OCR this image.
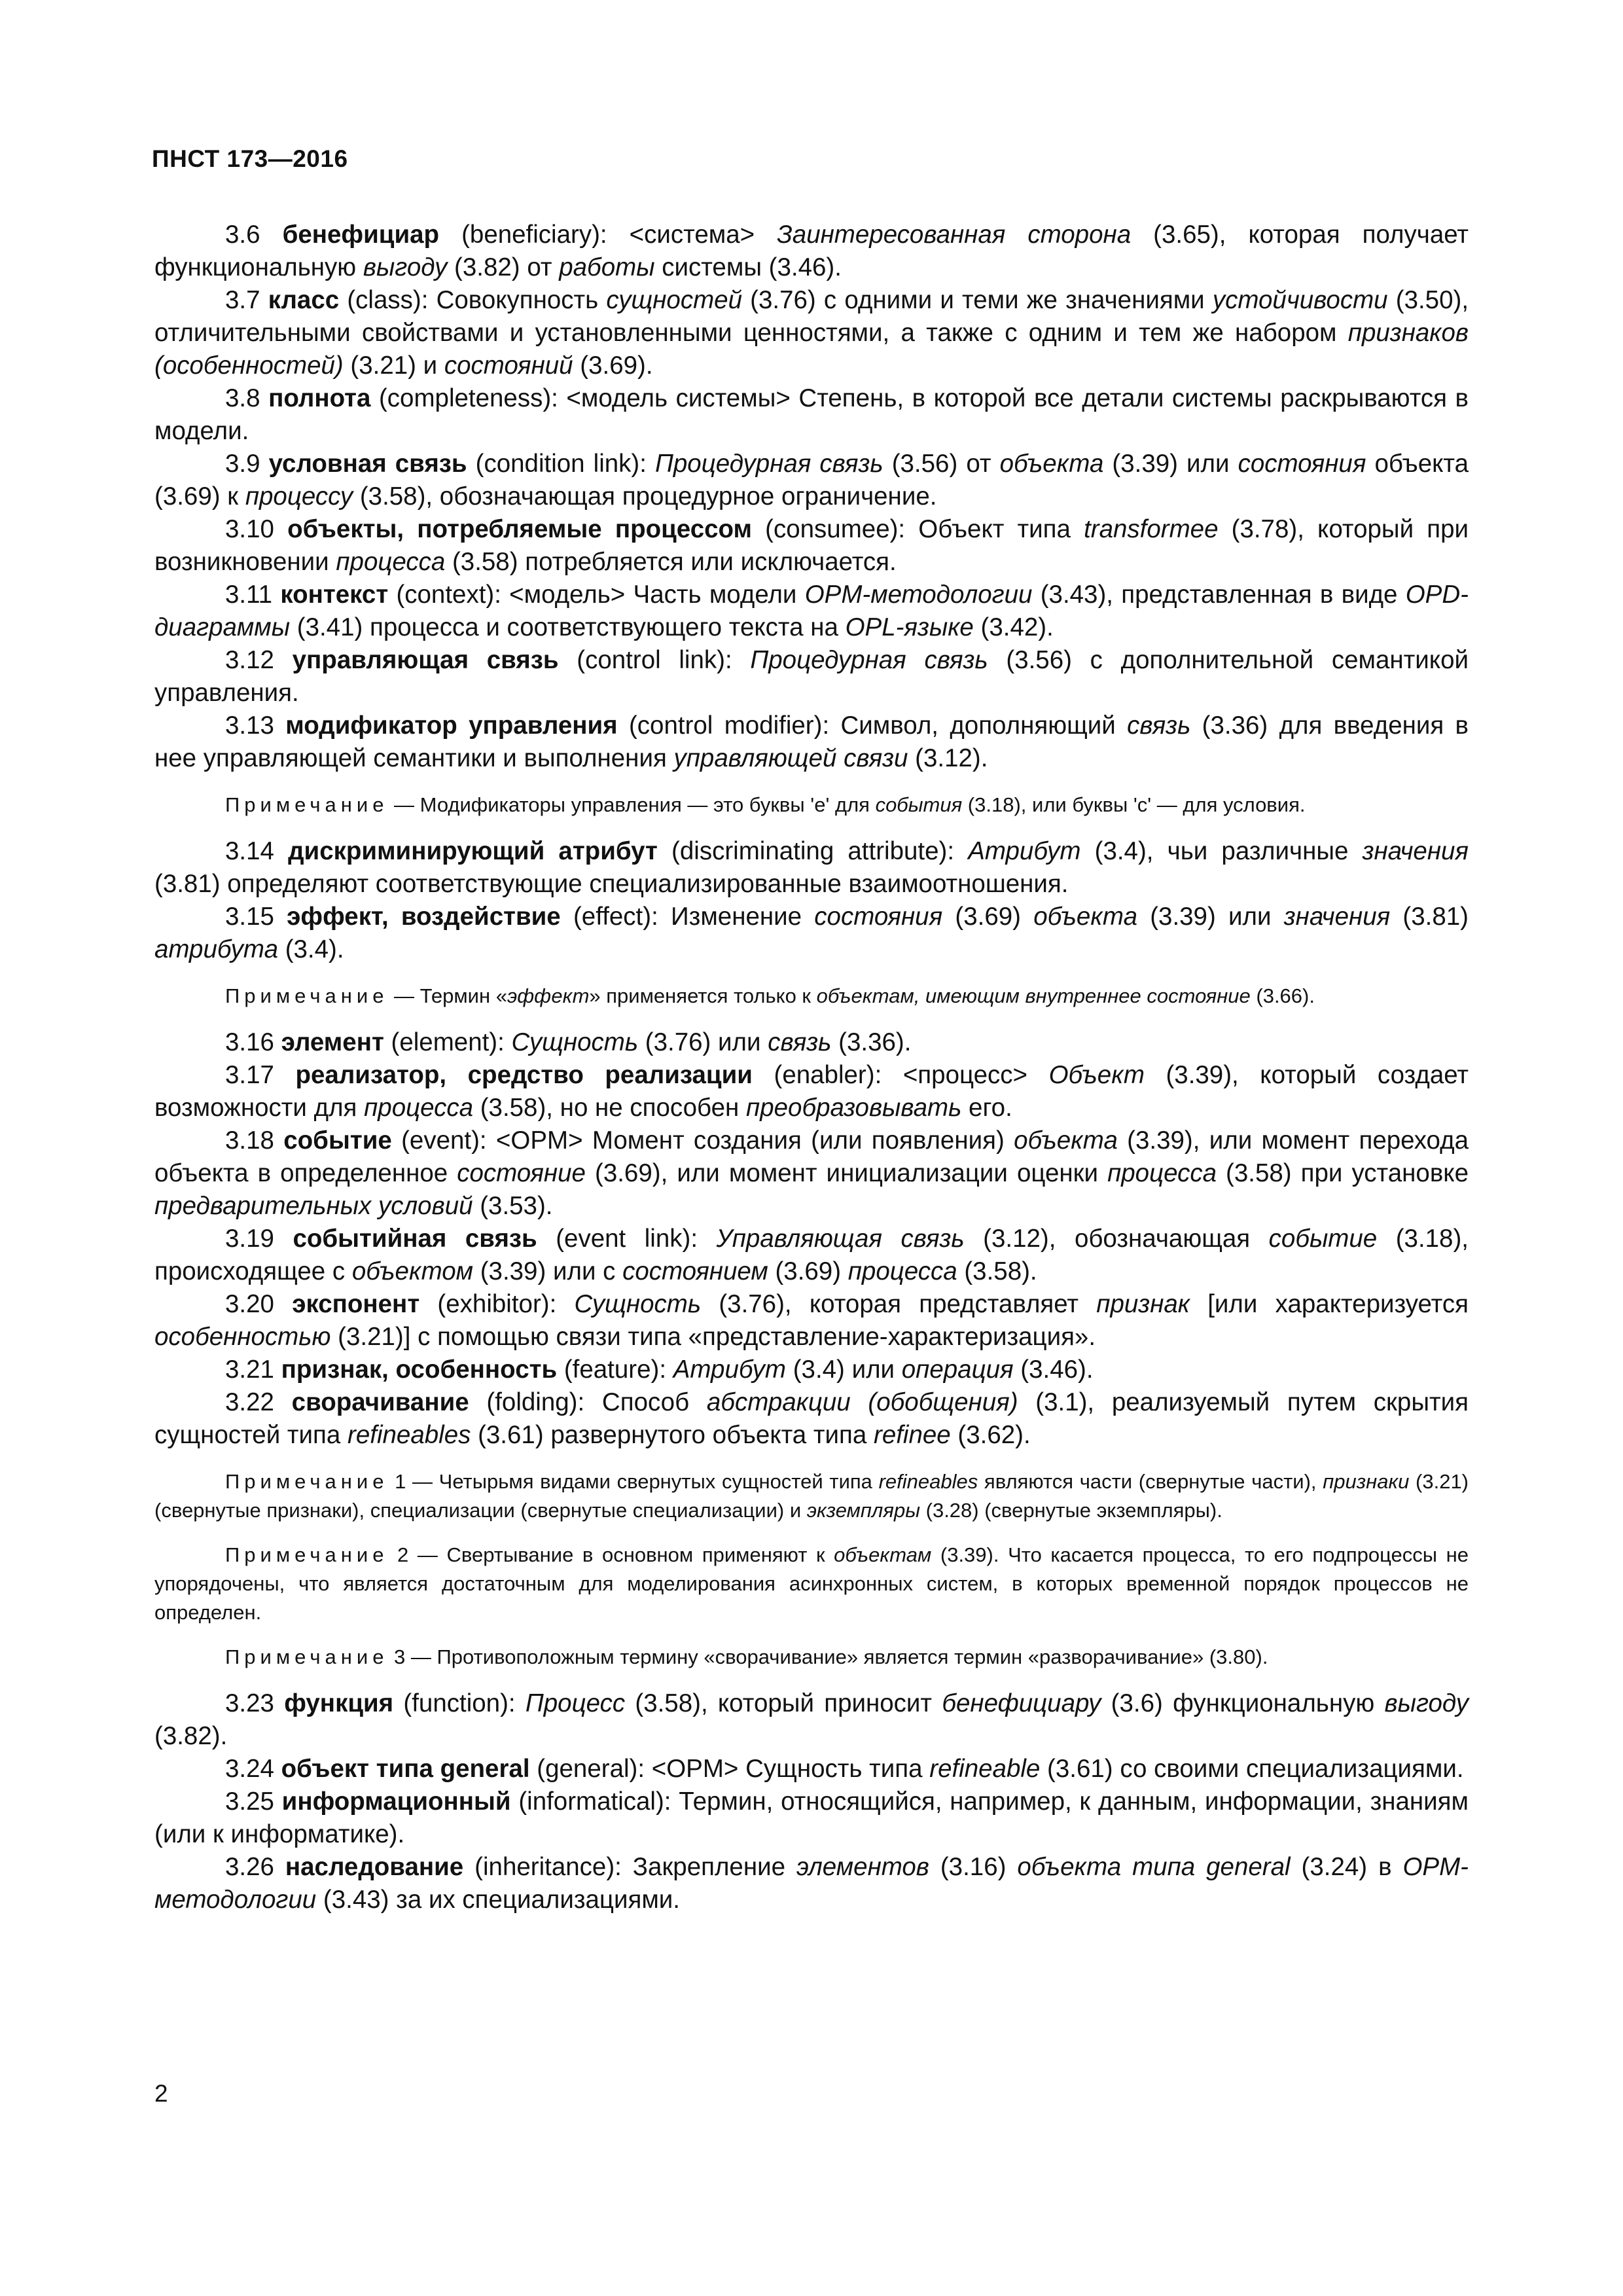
ПНСТ 173—2016

3.6 бенефициар (beneficiary): <система> Заинтересованная сторона (3.65), которая получает функциональную выгоду (3.82) от работы системы (3.46).

3.7 класс (class): Совокупность сущностей (3.76) с одними и теми же значениями устойчивости (3.50), отличительными свойствами и установленными ценностями, а также с одним и тем же набором признаков (особенностей) (3.21) и состояний (3.69).

3.8 полнота (completeness): <модель системы> Степень, в которой все детали системы раскрываются в модели.

3.9 условная связь (condition link): Процедурная связь (3.56) от объекта (3.39) или состояния объекта (3.69) к процессу (3.58), обозначающая процедурное ограничение.

3.10 объекты, потребляемые процессом (consumee): Объект типа transformee (3.78), который при возникновении процесса (3.58) потребляется или исключается.

3.11 контекст (context): <модель> Часть модели OPM-методологии (3.43), представленная в виде OPD-диаграммы (3.41) процесса и соответствующего текста на OPL-языке (3.42).

3.12 управляющая связь (control link): Процедурная связь (3.56) с дополнительной семантикой управления.

3.13 модификатор управления (control modifier): Символ, дополняющий связь (3.36) для введения в нее управляющей семантики и выполнения управляющей связи (3.12).

Примечание — Модификаторы управления — это буквы 'e' для события (3.18), или буквы 'c' — для условия.

3.14 дискриминирующий атрибут (discriminating attribute): Атрибут (3.4), чьи различные значения (3.81) определяют соответствующие специализированные взаимоотношения.

3.15 эффект, воздействие (effect): Изменение состояния (3.69) объекта (3.39) или значения (3.81) атрибута (3.4).

Примечание — Термин «эффект» применяется только к объектам, имеющим внутреннее состояние (3.66).

3.16 элемент (element): Сущность (3.76) или связь (3.36).

3.17 реализатор, средство реализации (enabler): <процесс> Объект (3.39), который создает возможности для процесса (3.58), но не способен преобразовывать его.

3.18 событие (event): <OPM> Момент создания (или появления) объекта (3.39), или момент перехода объекта в определенное состояние (3.69), или момент инициализации оценки процесса (3.58) при установке предварительных условий (3.53).

3.19 событийная связь (event link): Управляющая связь (3.12), обозначающая событие (3.18), происходящее с объектом (3.39) или с состоянием (3.69) процесса (3.58).

3.20 экспонент (exhibitor): Сущность (3.76), которая представляет признак [или характеризуется особенностью (3.21)] с помощью связи типа «представление-характеризация».

3.21 признак, особенность (feature): Атрибут (3.4) или операция (3.46).

3.22 сворачивание (folding): Способ абстракции (обобщения) (3.1), реализуемый путем скрытия сущностей типа refineables (3.61) развернутого объекта типа refinee (3.62).

Примечание 1 — Четырьмя видами свернутых сущностей типа refineables являются части (свернутые части), признаки (3.21) (свернутые признаки), специализации (свернутые специализации) и экземпляры (3.28) (свернутые экземпляры).

Примечание 2 — Свертывание в основном применяют к объектам (3.39). Что касается процесса, то его подпроцессы не упорядочены, что является достаточным для моделирования асинхронных систем, в которых временной порядок процессов не определен.

Примечание 3 — Противоположным термину «сворачивание» является термин «разворачивание» (3.80).

3.23 функция (function): Процесс (3.58), который приносит бенефициару (3.6) функциональную выгоду (3.82).

3.24 объект типа general (general): <OPM> Сущность типа refineable (3.61) со своими специализациями.

3.25 информационный (informatical): Термин, относящийся, например, к данным, информации, знаниям (или к информатике).

3.26 наследование (inheritance): Закрепление элементов (3.16) объекта типа general (3.24) в OPM-методологии (3.43) за их специализациями.

2
